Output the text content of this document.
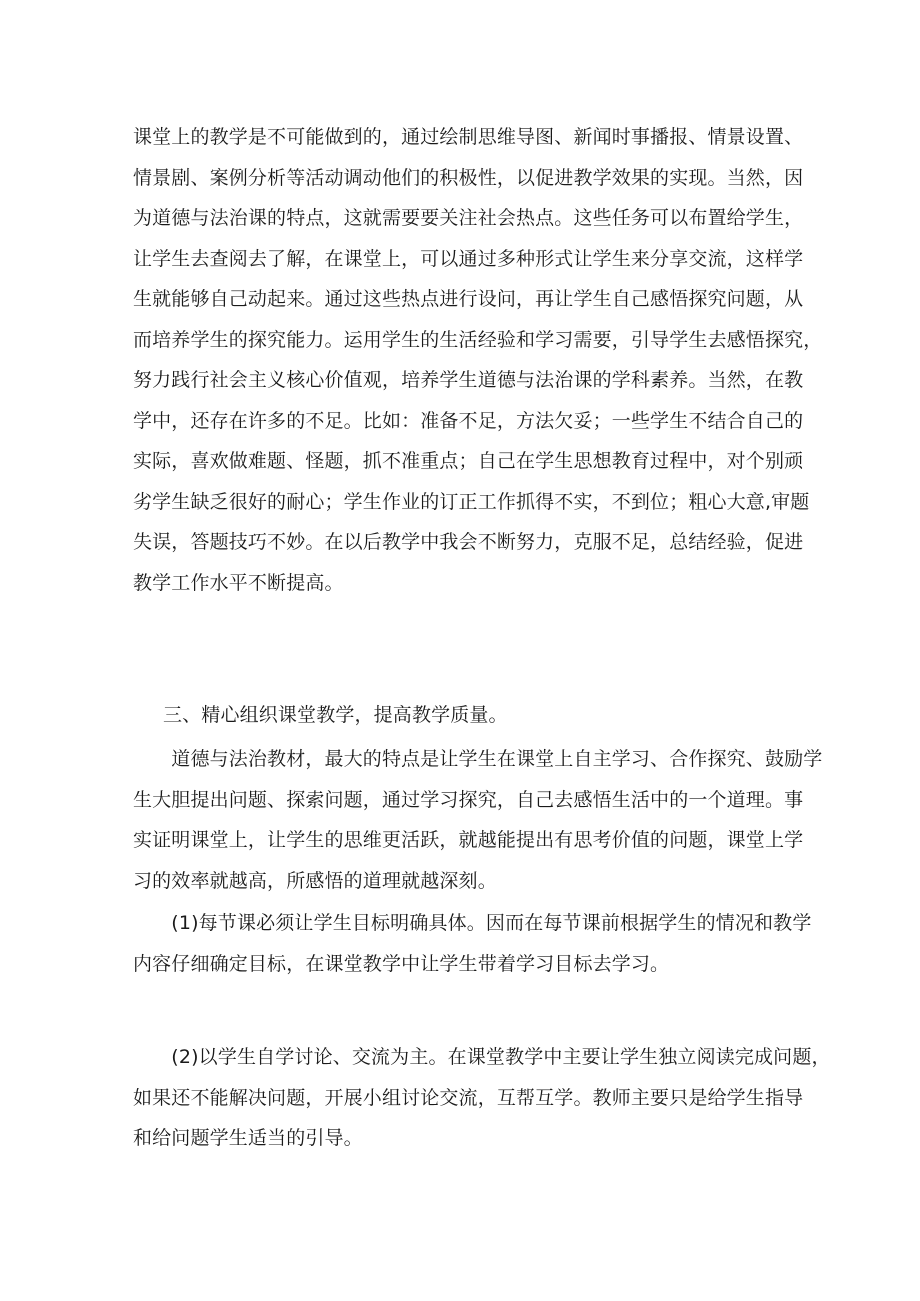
课堂上的教学是不可能做到的，通过绘制思维导图、新闻时事播报、情景设置、
情景剧、案例分析等活动调动他们的积极性，以促进教学效果的实现。当然，因
为道德与法治课的特点，这就需要要关注社会热点。这些任务可以布置给学生，
让学生去查阅去了解，在课堂上，可以通过多种形式让学生来分享交流，这样学
生就能够自己动起来。通过这些热点进行设问，再让学生自己感悟探究问题，从
而培养学生的探究能力。运用学生的生活经验和学习需要，引导学生去感悟探究，
努力践行社会主义核心价值观，培养学生道德与法治课的学科素养。当然，在教
学中，还存在许多的不足。比如：准备不足，方法欠妥；一些学生不结合自己的
实际，喜欢做难题、怪题，抓不准重点；自己在学生思想教育过程中，对个别顽
劣学生缺乏很好的耐心；学生作业的订正工作抓得不实，不到位；粗心大意,审题
失误，答题技巧不妙。在以后教学中我会不断努力，克服不足，总结经验，促进
教学工作水平不断提高。

三、精心组织课堂教学，提高教学质量。

　　道德与法治教材，最大的特点是让学生在课堂上自主学习、合作探究、鼓励学
生大胆提出问题、探索问题，通过学习探究，自己去感悟生活中的一个道理。事
实证明课堂上，让学生的思维更活跃，就越能提出有思考价值的问题，课堂上学
习的效率就越高，所感悟的道理就越深刻。

　　(1)每节课必须让学生目标明确具体。因而在每节课前根据学生的情况和教学
内容仔细确定目标，在课堂教学中让学生带着学习目标去学习。

　　(2)以学生自学讨论、交流为主。在课堂教学中主要让学生独立阅读完成问题，
如果还不能解决问题，开展小组讨论交流，互帮互学。教师主要只是给学生指导
和给问题学生适当的引导。
